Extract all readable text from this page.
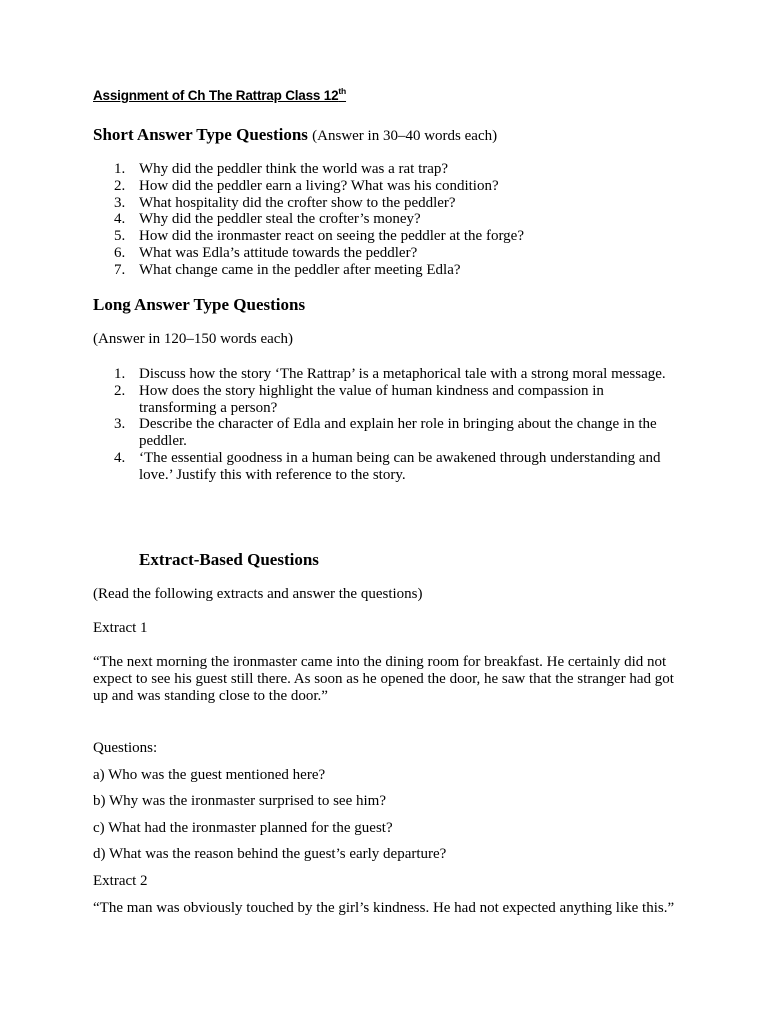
Assignment of Ch The Rattrap Class 12th
Short Answer Type Questions (Answer in 30–40 words each)
1. Why did the peddler think the world was a rat trap?
2. How did the peddler earn a living? What was his condition?
3. What hospitality did the crofter show to the peddler?
4. Why did the peddler steal the crofter’s money?
5. How did the ironmaster react on seeing the peddler at the forge?
6. What was Edla’s attitude towards the peddler?
7. What change came in the peddler after meeting Edla?
Long Answer Type Questions
(Answer in 120–150 words each)
1. Discuss how the story ‘The Rattrap’ is a metaphorical tale with a strong moral message.
2. How does the story highlight the value of human kindness and compassion in transforming a person?
3. Describe the character of Edla and explain her role in bringing about the change in the peddler.
4. ‘The essential goodness in a human being can be awakened through understanding and love.’ Justify this with reference to the story.
Extract-Based Questions
(Read the following extracts and answer the questions)
Extract 1
“The next morning the ironmaster came into the dining room for breakfast. He certainly did not expect to see his guest still there. As soon as he opened the door, he saw that the stranger had got up and was standing close to the door.”
Questions:
a) Who was the guest mentioned here?
b) Why was the ironmaster surprised to see him?
c) What had the ironmaster planned for the guest?
d) What was the reason behind the guest’s early departure?
Extract 2
“The man was obviously touched by the girl’s kindness. He had not expected anything like this.”
